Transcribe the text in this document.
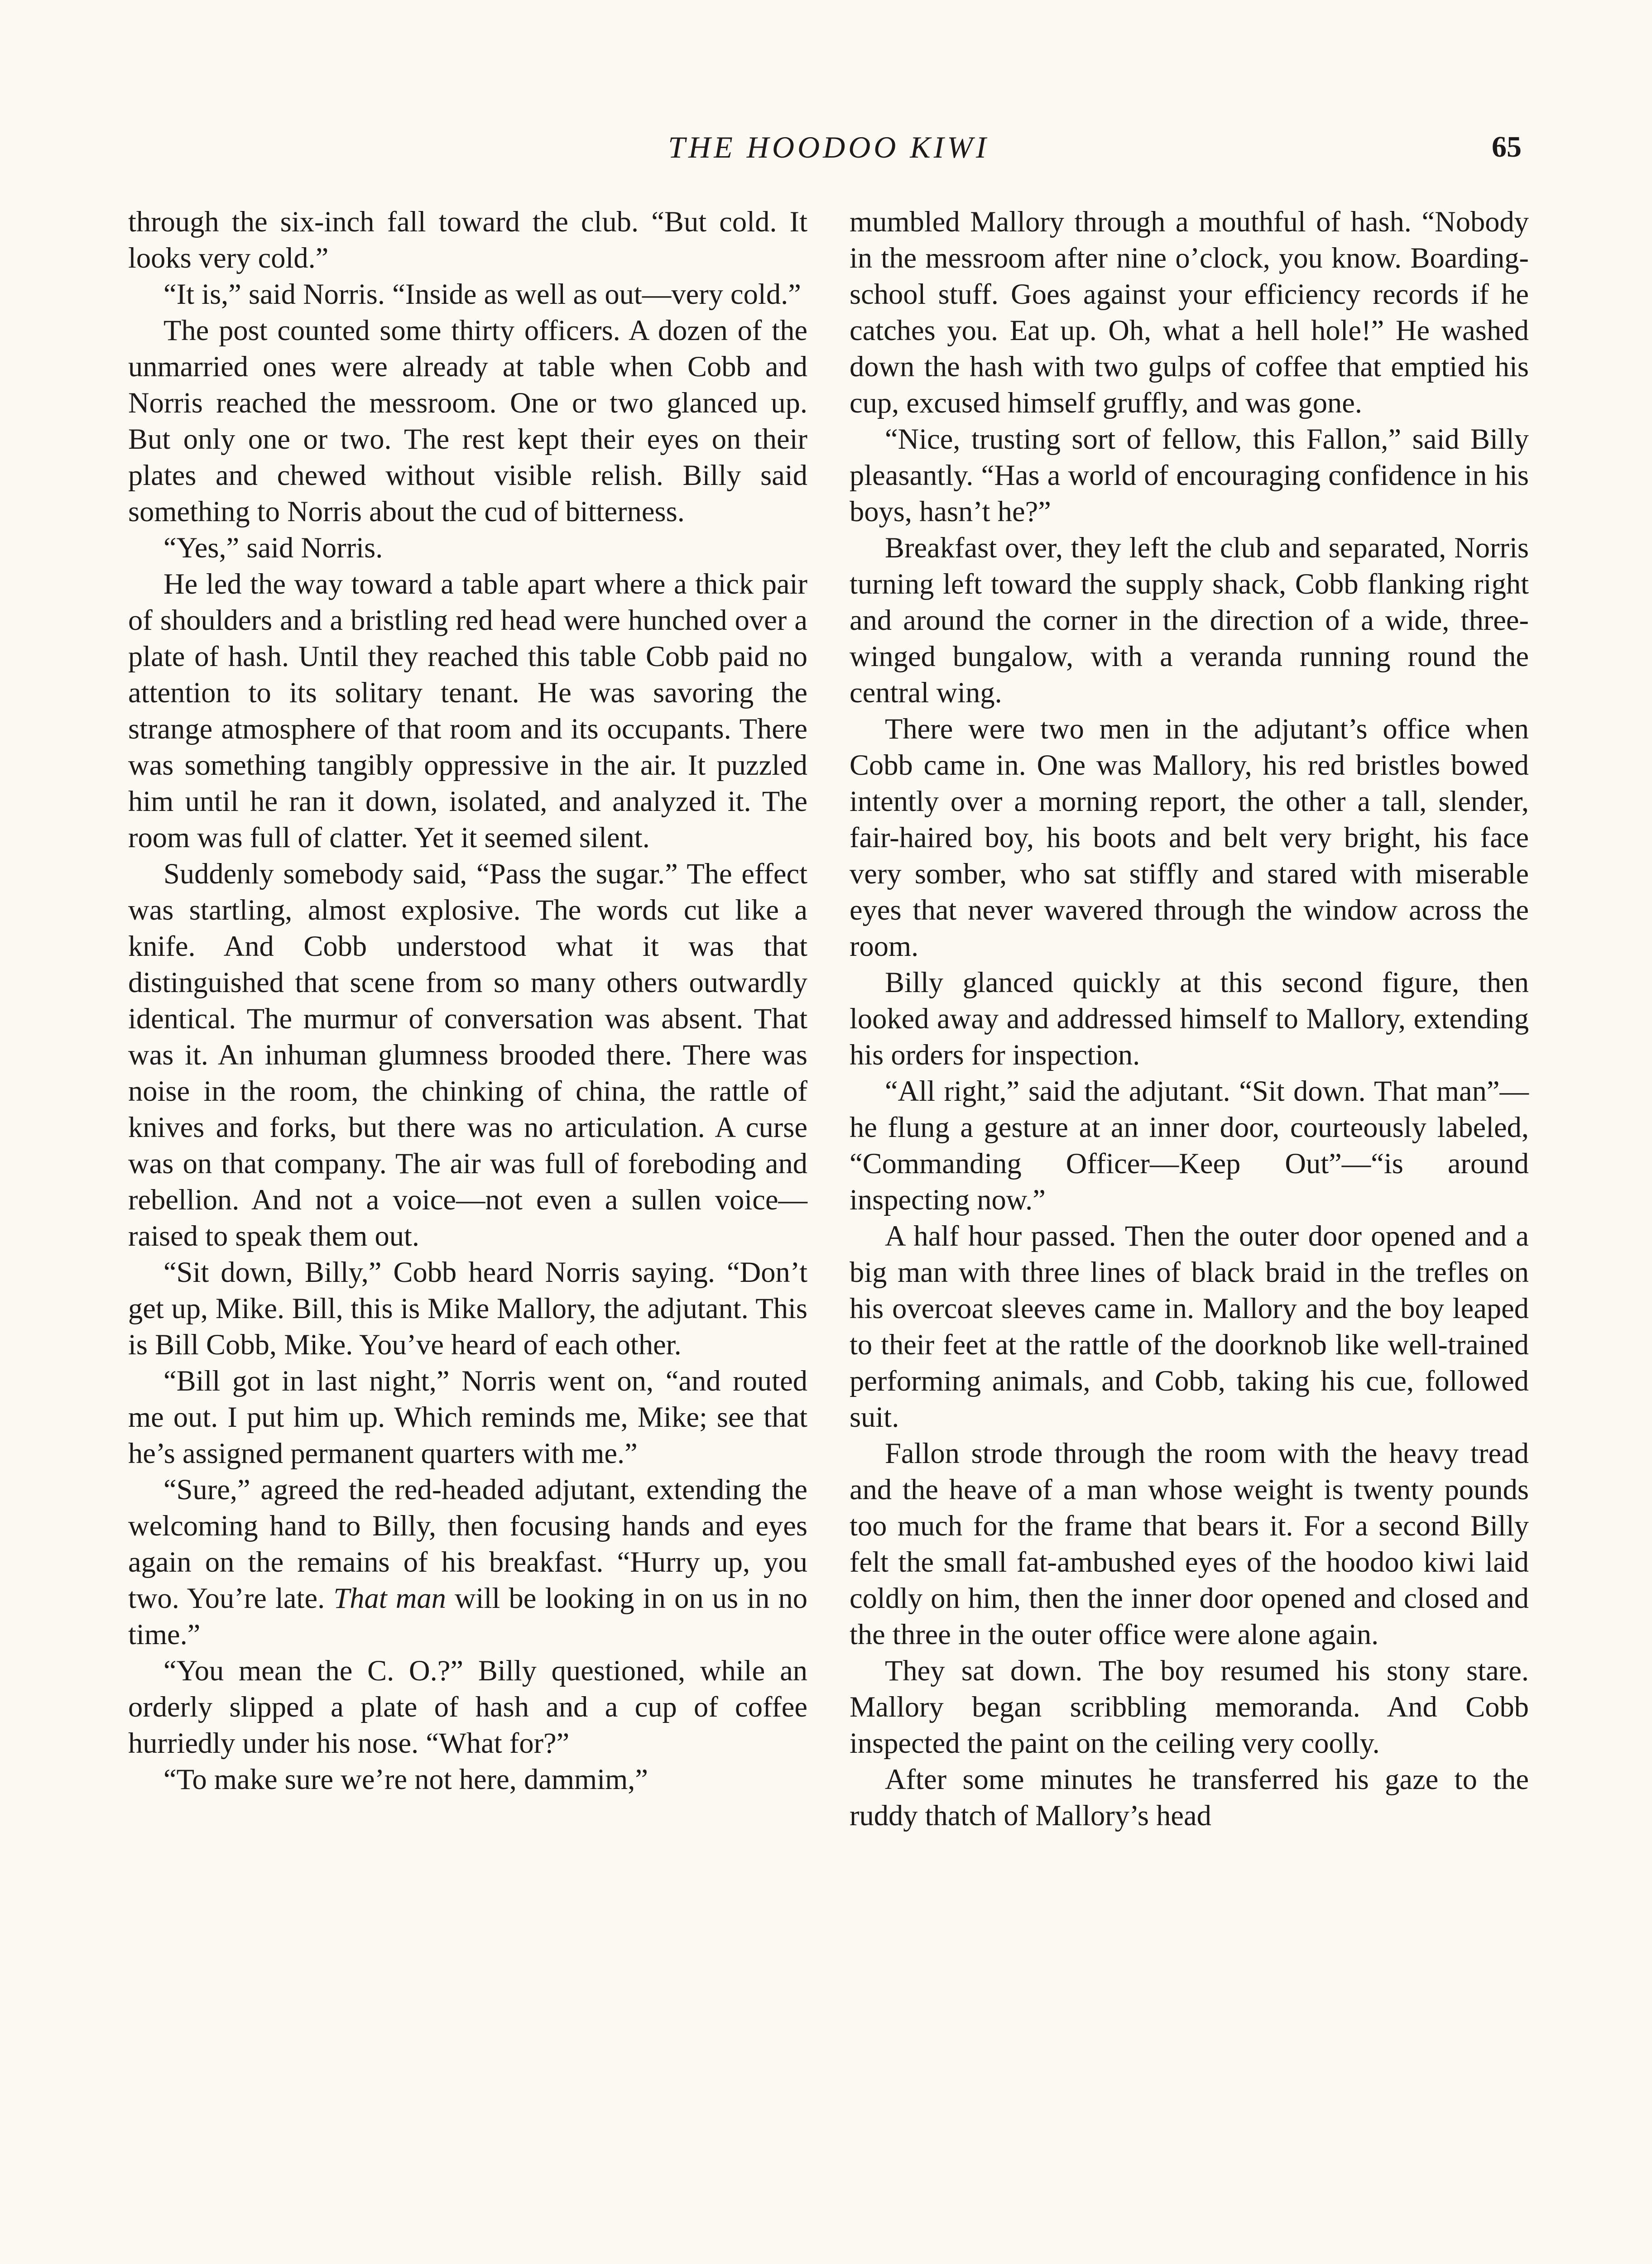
THE HOODOO KIWI	65

through the six-inch fall toward the club. “But cold. It looks very cold.”

“It is,” said Norris. “Inside as well as out—very cold.”

The post counted some thirty officers. A dozen of the unmarried ones were already at table when Cobb and Norris reached the messroom. One or two glanced up. But only one or two. The rest kept their eyes on their plates and chewed without visible relish. Billy said something to Norris about the cud of bitterness.

“Yes,” said Norris.

He led the way toward a table apart where a thick pair of shoulders and a bristling red head were hunched over a plate of hash. Until they reached this table Cobb paid no attention to its solitary tenant. He was savoring the strange atmosphere of that room and its occupants. There was something tangibly oppressive in the air. It puzzled him until he ran it down, isolated, and analyzed it. The room was full of clatter. Yet it seemed silent.

Suddenly somebody said, “Pass the sugar.” The effect was startling, almost explosive. The words cut like a knife. And Cobb understood what it was that distinguished that scene from so many others outwardly identical. The murmur of conversation was absent. That was it. An inhuman glumness brooded there. There was noise in the room, the chinking of china, the rattle of knives and forks, but there was no articulation. A curse was on that company. The air was full of foreboding and rebellion. And not a voice—not even a sullen voice—raised to speak them out.

“Sit down, Billy,” Cobb heard Norris saying. “Don’t get up, Mike. Bill, this is Mike Mallory, the adjutant. This is Bill Cobb, Mike. You’ve heard of each other.

“Bill got in last night,” Norris went on, “and routed me out. I put him up. Which reminds me, Mike; see that he’s assigned permanent quarters with me.”

“Sure,” agreed the red-headed adjutant, extending the welcoming hand to Billy, then focusing hands and eyes again on the remains of his breakfast. “Hurry up, you two. You’re late. That man will be looking in on us in no time.”

“You mean the C. O.?” Billy questioned, while an orderly slipped a plate of hash and a cup of coffee hurriedly under his nose. “What for?”

“To make sure we’re not here, dammim,”

mumbled Mallory through a mouthful of hash. “Nobody in the messroom after nine o’clock, you know. Boarding-school stuff. Goes against your efficiency records if he catches you. Eat up. Oh, what a hell hole!” He washed down the hash with two gulps of coffee that emptied his cup, excused himself gruffly, and was gone.

“Nice, trusting sort of fellow, this Fallon,” said Billy pleasantly. “Has a world of encouraging confidence in his boys, hasn’t he?”

Breakfast over, they left the club and separated, Norris turning left toward the supply shack, Cobb flanking right and around the corner in the direction of a wide, three-winged bungalow, with a veranda running round the central wing.

There were two men in the adjutant’s office when Cobb came in. One was Mallory, his red bristles bowed intently over a morning report, the other a tall, slender, fair-haired boy, his boots and belt very bright, his face very somber, who sat stiffly and stared with miserable eyes that never wavered through the window across the room.

Billy glanced quickly at this second figure, then looked away and addressed himself to Mallory, extending his orders for inspection.

“All right,” said the adjutant. “Sit down. That man”—he flung a gesture at an inner door, courteously labeled, “Commanding Officer—Keep Out”—“is around inspecting now.”

A half hour passed. Then the outer door opened and a big man with three lines of black braid in the trefles on his overcoat sleeves came in. Mallory and the boy leaped to their feet at the rattle of the doorknob like well-trained performing animals, and Cobb, taking his cue, followed suit.

Fallon strode through the room with the heavy tread and the heave of a man whose weight is twenty pounds too much for the frame that bears it. For a second Billy felt the small fat-ambushed eyes of the hoodoo kiwi laid coldly on him, then the inner door opened and closed and the three in the outer office were alone again.

They sat down. The boy resumed his stony stare. Mallory began scribbling memoranda. And Cobb inspected the paint on the ceiling very coolly.

After some minutes he transferred his gaze to the ruddy thatch of Mallory’s head
